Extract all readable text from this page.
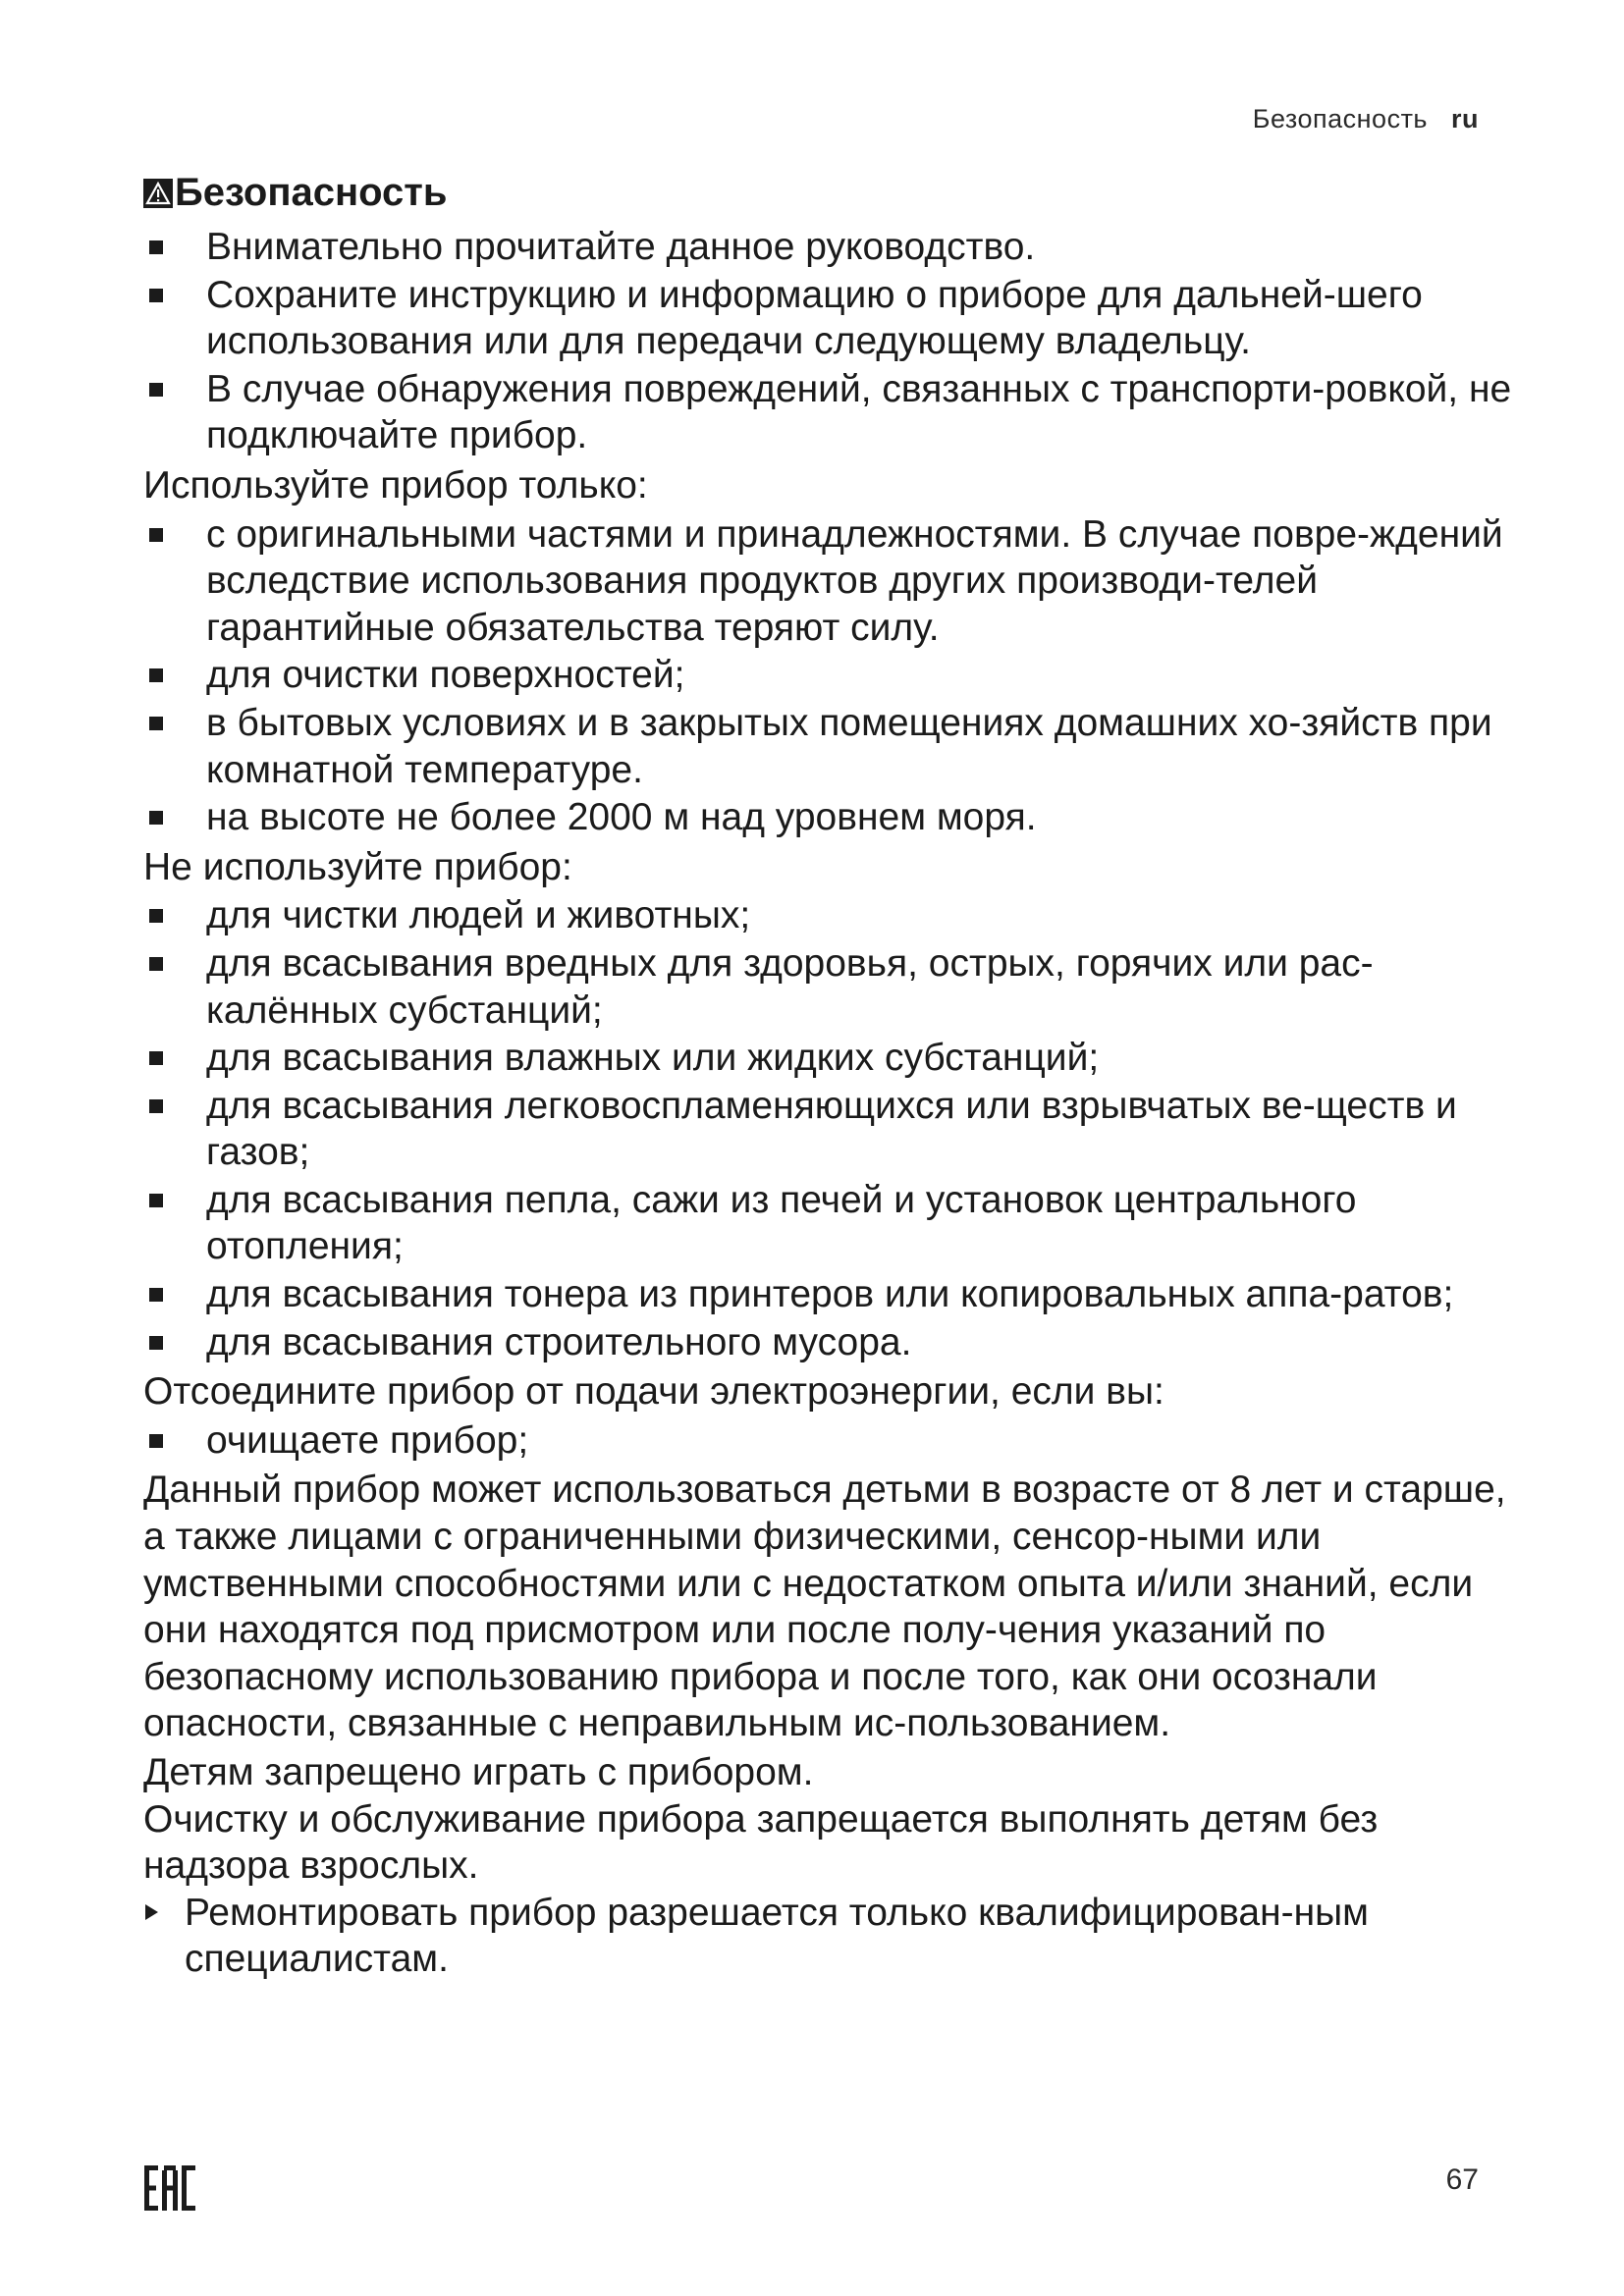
Безопасность ru
Безопасность
Внимательно прочитайте данное руководство.
Сохраните инструкцию и информацию о приборе для дальней-шего использования или для передачи следующему владельцу.
В случае обнаружения повреждений, связанных с транспорти-ровкой, не подключайте прибор.
Используйте прибор только:
с оригинальными частями и принадлежностями. В случае повре-ждений вследствие использования продуктов других производи-телей гарантийные обязательства теряют силу.
для очистки поверхностей;
в бытовых условиях и в закрытых помещениях домашних хо-зяйств при комнатной температуре.
на высоте не более 2000 м над уровнем моря.
Не используйте прибор:
для чистки людей и животных;
для всасывания вредных для здоровья, острых, горячих или рас-калённых субстанций;
для всасывания влажных или жидких субстанций;
для всасывания легковоспламеняющихся или взрывчатых ве-ществ и газов;
для всасывания пепла, сажи из печей и установок центрального отопления;
для всасывания тонера из принтеров или копировальных аппа-ратов;
для всасывания строительного мусора.
Отсоедините прибор от подачи электроэнергии, если вы:
очищаете прибор;
Данный прибор может использоваться детьми в возрасте от 8 лет и старше, а также лицами с ограниченными физическими, сенсор-ными или умственными способностями или с недостатком опыта и/или знаний, если они находятся под присмотром или после полу-чения указаний по безопасному использованию прибора и после того, как они осознали опасности, связанные с неправильным ис-пользованием.
Детям запрещено играть с прибором.
Очистку и обслуживание прибора запрещается выполнять детям без надзора взрослых.
Ремонтировать прибор разрешается только квалифицирован-ным специалистам.
67
